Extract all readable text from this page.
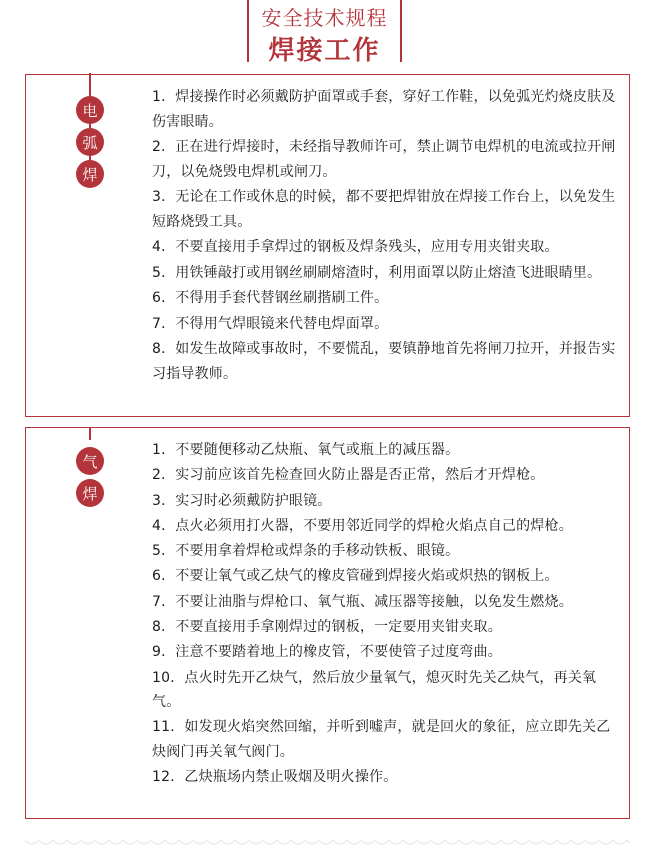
安全技术规程
焊接工作
电
弧
焊
1．焊接操作时必须戴防护面罩或手套，穿好工作鞋，以免弧光灼烧皮肤及伤害眼睛。
2．正在进行焊接时，未经指导教师许可，禁止调节电焊机的电流或拉开闸刀，以免烧毁电焊机或闸刀。
3．无论在工作或休息的时候，都不要把焊钳放在焊接工作台上，以免发生短路烧毁工具。
4．不要直接用手拿焊过的钢板及焊条残头，应用专用夹钳夹取。
5．用铁锤敲打或用钢丝刷刷熔渣时，利用面罩以防止熔渣飞进眼睛里。
6．不得用手套代替钢丝刷揩刷工件。
7．不得用气焊眼镜来代替电焊面罩。
8．如发生故障或事故时，不要慌乱，要镇静地首先将闸刀拉开，并报告实习指导教师。
气
焊
1．不要随便移动乙炔瓶、氧气或瓶上的减压器。
2．实习前应该首先检查回火防止器是否正常，然后才开焊枪。
3．实习时必须戴防护眼镜。
4．点火必须用打火器，不要用邻近同学的焊枪火焰点自己的焊枪。
5．不要用拿着焊枪或焊条的手移动铁板、眼镜。
6．不要让氧气或乙炔气的橡皮管碰到焊接火焰或炽热的钢板上。
7．不要让油脂与焊枪口、氧气瓶、减压器等接触，以免发生燃烧。
8．不要直接用手拿刚焊过的钢板，一定要用夹钳夹取。
9．注意不要踏着地上的橡皮管，不要使管子过度弯曲。
10．点火时先开乙炔气，然后放少量氧气，熄灭时先关乙炔气，再关氧气。
11．如发现火焰突然回缩，并听到嘘声，就是回火的象征，应立即先关乙炔阀门再关氧气阀门。
12．乙炔瓶场内禁止吸烟及明火操作。
